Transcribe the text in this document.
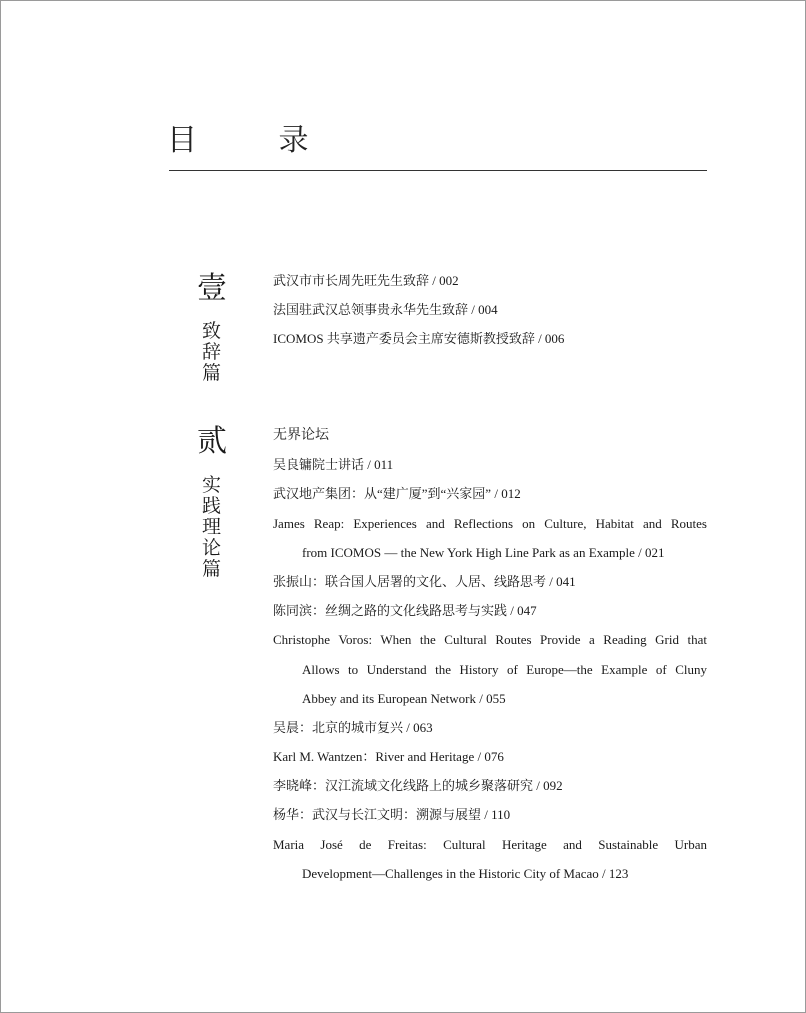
目 录
壹
致
辞
篇
武汉市市长周先旺先生致辞 / 002
法国驻武汉总领事贵永华先生致辞 / 004
ICOMOS 共享遗产委员会主席安德斯教授致辞 / 006
贰
实
践
理
论
篇
无界论坛
吴良镛院士讲话 / 011
武汉地产集团：从“建广厦”到“兴家园” / 012
James Reap: Experiences and Reflections on Culture, Habitat and Routes
from ICOMOS — the New York High Line Park as an Example / 021
张振山：联合国人居署的文化、人居、线路思考 / 041
陈同滨：丝绸之路的文化线路思考与实践 / 047
Christophe Voros: When the Cultural Routes Provide a Reading Grid that
Allows to Understand the History of Europe—the Example of Cluny
Abbey and its European Network / 055
吴晨：北京的城市复兴 / 063
Karl M. Wantzen：River and Heritage / 076
李晓峰：汉江流域文化线路上的城乡聚落研究 / 092
杨华：武汉与长江文明：溯源与展望 / 110
Maria José de Freitas: Cultural Heritage and Sustainable Urban
Development—Challenges in the Historic City of Macao / 123
